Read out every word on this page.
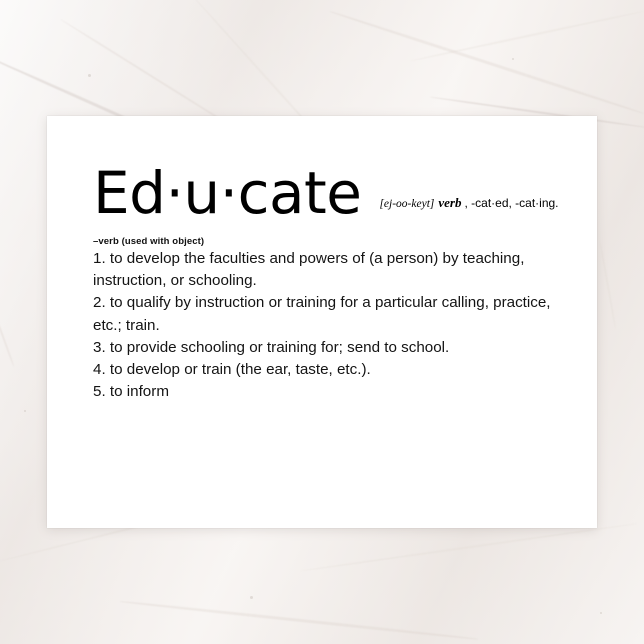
Ed·u·cate [ej-oo-keyt] verb , -cat·ed, -cat·ing.
–verb (used with object)
1. to develop the faculties and powers of (a person) by teaching, instruction, or schooling.
2. to qualify by instruction or training for a particular calling, practice, etc.; train.
3. to provide schooling or training for; send to school.
4. to develop or train (the ear, taste, etc.).
5. to inform
